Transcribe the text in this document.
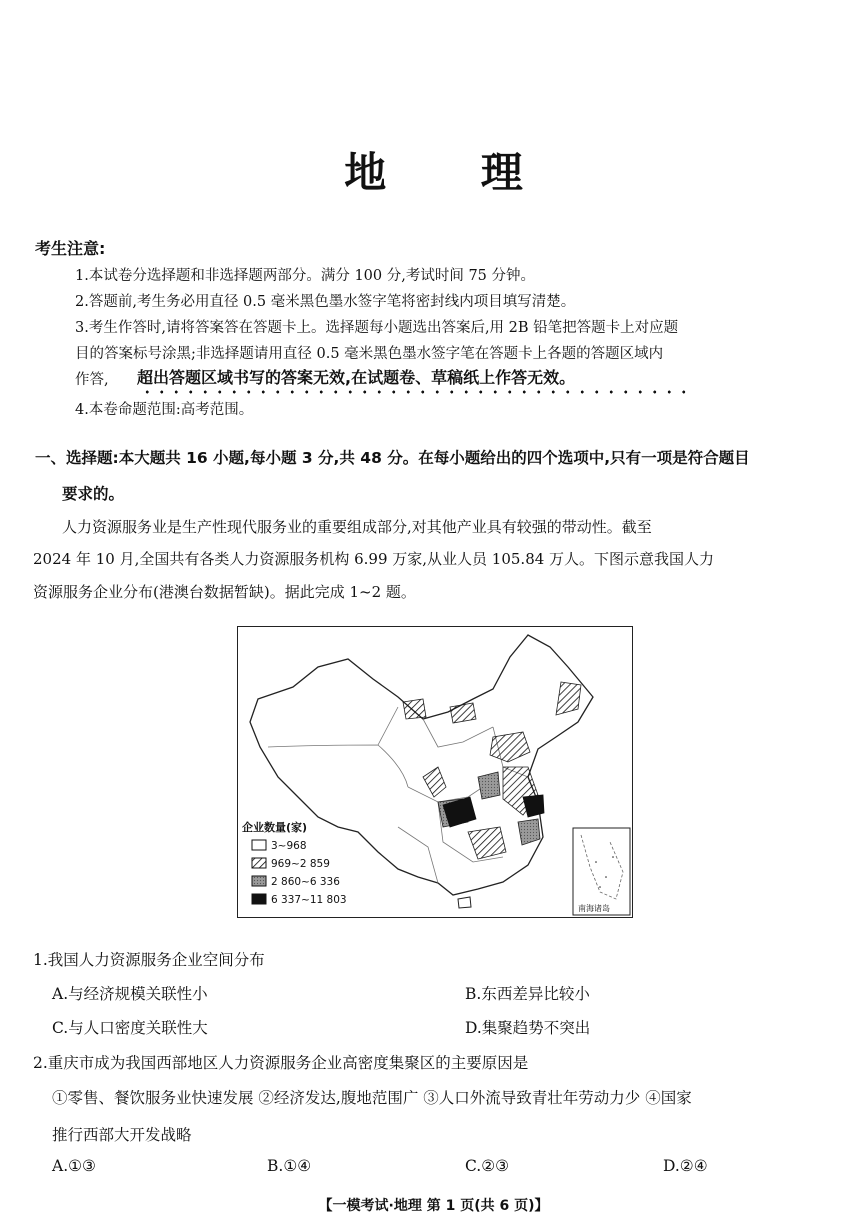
地 理
考生注意:
1.本试卷分选择题和非选择题两部分。满分 100 分,考试时间 75 分钟。
2.答题前,考生务必用直径 0.5 毫米黑色墨水签字笔将密封线内项目填写清楚。
3.考生作答时,请将答案答在答题卡上。选择题每小题选出答案后,用 2B 铅笔把答题卡上对应题
目的答案标号涂黑;非选择题请用直径 0.5 毫米黑色墨水签字笔在答题卡上各题的答题区域内
作答, 超出答题区域书写的答案无效,在试题卷、草稿纸上作答无效。
4.本卷命题范围:高考范围。
一、选择题:本大题共 16 小题,每小题 3 分,共 48 分。在每小题给出的四个选项中,只有一项是符合题目
要求的。
人力资源服务业是生产性现代服务业的重要组成部分,对其他产业具有较强的带动性。截至
2024 年 10 月,全国共有各类人力资源服务机构 6.99 万家,从业人员 105.84 万人。下图示意我国人力
资源服务企业分布(港澳台数据暂缺)。据此完成 1~2 题。
南海诸岛
企业数量(家)
3~968
969~2 859
2 860~6 336
6 337~11 803
1.我国人力资源服务企业空间分布
A.与经济规模关联性小	B.东西差异比较小
C.与人口密度关联性大	D.集聚趋势不突出
2.重庆市成为我国西部地区人力资源服务企业高密度集聚区的主要原因是
①零售、餐饮服务业快速发展 ②经济发达,腹地范围广 ③人口外流导致青壮年劳动力少 ④国家
推行西部大开发战略
A.①③	B.①④	C.②③	D.②④
【一模考试·地理 第 1 页(共 6 页)】
